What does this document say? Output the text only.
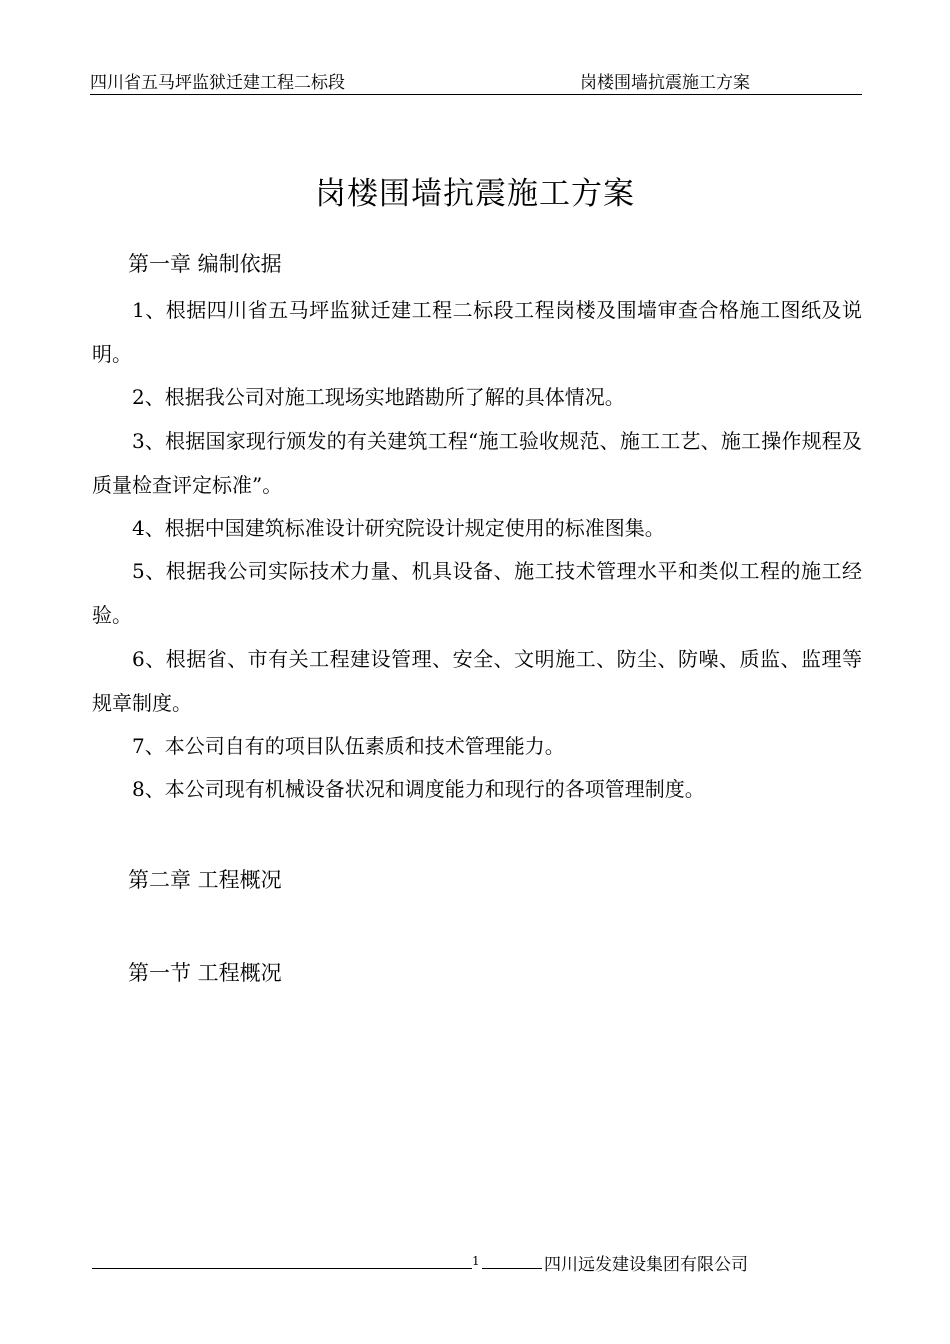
四川省五马坪监狱迁建工程二标段	岗楼围墙抗震施工方案
岗楼围墙抗震施工方案
第一章 编制依据
1、根据四川省五马坪监狱迁建工程二标段工程岗楼及围墙审查合格施工图纸及说明。
2、根据我公司对施工现场实地踏勘所了解的具体情况。
3、根据国家现行颁发的有关建筑工程“施工验收规范、施工工艺、施工操作规程及质量检查评定标准”。
4、根据中国建筑标准设计研究院设计规定使用的标准图集。
5、根据我公司实际技术力量、机具设备、施工技术管理水平和类似工程的施工经验。
6、根据省、市有关工程建设管理、安全、文明施工、防尘、防噪、质监、监理等规章制度。
7、本公司自有的项目队伍素质和技术管理能力。
8、本公司现有机械设备状况和调度能力和现行的各项管理制度。
第二章 工程概况
第一节 工程概况
1	四川远发建设集团有限公司
